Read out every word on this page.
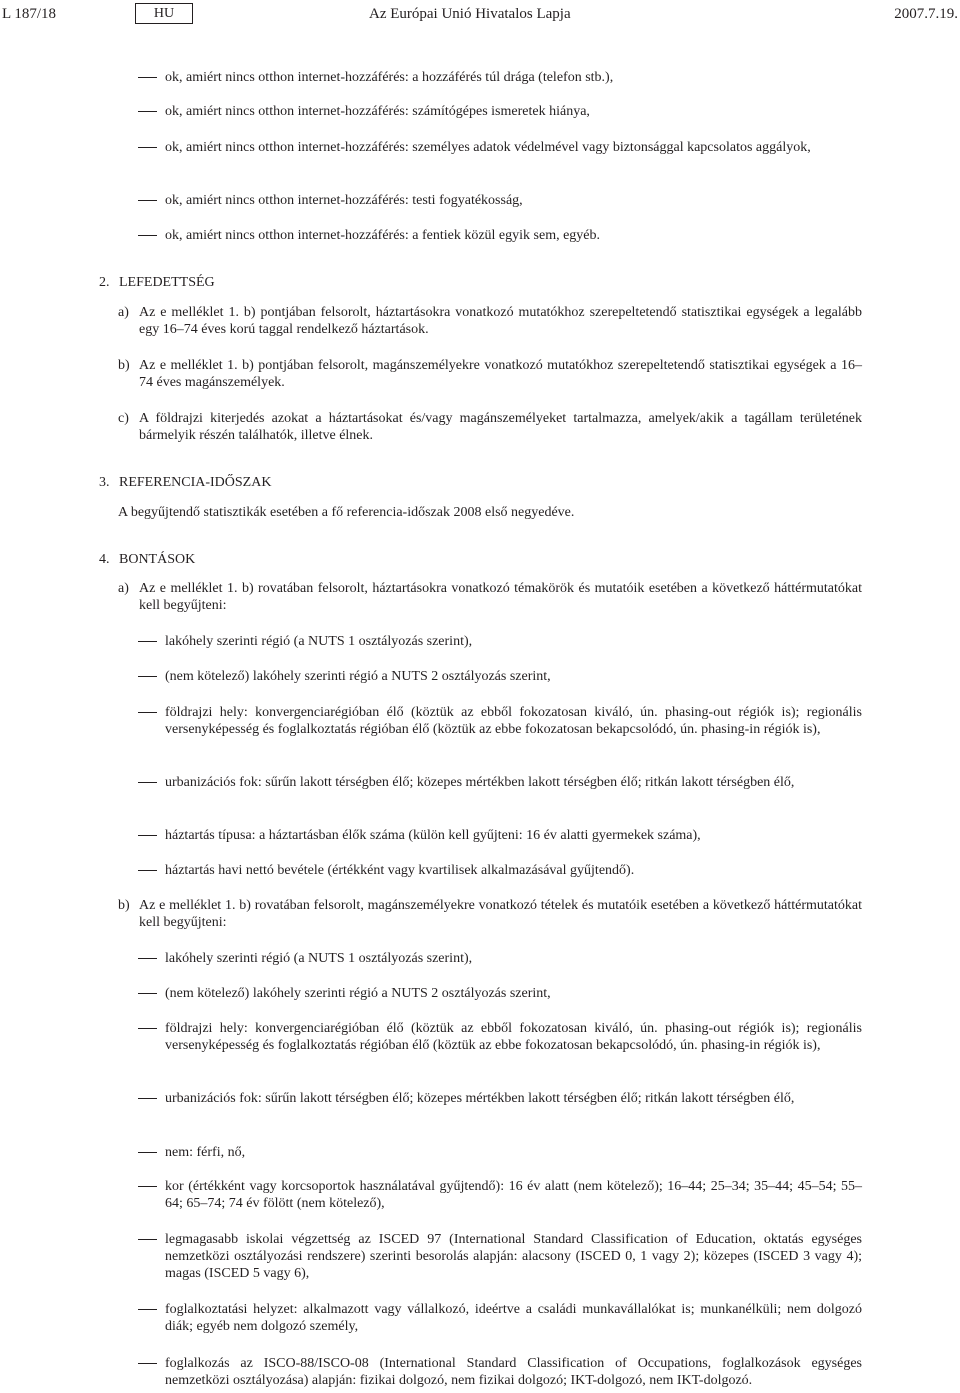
L 187/18	HU	Az Európai Unió Hivatalos Lapja	2007.7.19.
ok, amiért nincs otthon internet-hozzáférés: a hozzáférés túl drága (telefon stb.),
ok, amiért nincs otthon internet-hozzáférés: számítógépes ismeretek hiánya,
ok, amiért nincs otthon internet-hozzáférés: személyes adatok védelmével vagy biztonsággal kapcsolatos aggályok,
ok, amiért nincs otthon internet-hozzáférés: testi fogyatékosság,
ok, amiért nincs otthon internet-hozzáférés: a fentiek közül egyik sem, egyéb.
2. LEFEDETTSÉG
a) Az e melléklet 1. b) pontjában felsorolt, háztartásokra vonatkozó mutatókhoz szerepeltetendő statisztikai egységek a legalább egy 16–74 éves korú taggal rendelkező háztartások.
b) Az e melléklet 1. b) pontjában felsorolt, magánszemélyekre vonatkozó mutatókhoz szerepeltetendő statisztikai egységek a 16–74 éves magánszemélyek.
c) A földrajzi kiterjedés azokat a háztartásokat és/vagy magánszemélyeket tartalmazza, amelyek/akik a tagállam területének bármelyik részén találhatók, illetve élnek.
3. REFERENCIA-IDŐSZAK
A begyűjtendő statisztikák esetében a fő referencia-időszak 2008 első negyedéve.
4. BONTÁSOK
a) Az e melléklet 1. b) rovatában felsorolt, háztartásokra vonatkozó témakörök és mutatóik esetében a következő háttérmutatókat kell begyűjteni:
lakóhely szerinti régió (a NUTS 1 osztályozás szerint),
(nem kötelező) lakóhely szerinti régió a NUTS 2 osztályozás szerint,
földrajzi hely: konvergenciarégióban élő (köztük az ebből fokozatosan kiváló, ún. phasing-out régiók is); regionális versenyképesség és foglalkoztatás régióban élő (köztük az ebbe fokozatosan bekapcsolódó, ún. phasing-in régiók is),
urbanizációs fok: sűrűn lakott térségben élő; közepes mértékben lakott térségben élő; ritkán lakott térségben élő,
háztartás típusa: a háztartásban élők száma (külön kell gyűjteni: 16 év alatti gyermekek száma),
háztartás havi nettó bevétele (értékként vagy kvartilisek alkalmazásával gyűjtendő).
b) Az e melléklet 1. b) rovatában felsorolt, magánszemélyekre vonatkozó tételek és mutatóik esetében a következő háttérmutatókat kell begyűjteni:
lakóhely szerinti régió (a NUTS 1 osztályozás szerint),
(nem kötelező) lakóhely szerinti régió a NUTS 2 osztályozás szerint,
földrajzi hely: konvergenciarégióban élő (köztük az ebből fokozatosan kiváló, ún. phasing-out régiók is); regionális versenyképesség és foglalkoztatás régióban élő (köztük az ebbe fokozatosan bekapcsolódó, ún. phasing-in régiók is),
urbanizációs fok: sűrűn lakott térségben élő; közepes mértékben lakott térségben élő; ritkán lakott térségben élő,
nem: férfi, nő,
kor (értékként vagy korcsoportok használatával gyűjtendő): 16 év alatt (nem kötelező); 16–44; 25–34; 35–44; 45–54; 55–64; 65–74; 74 év fölött (nem kötelező),
legmagasabb iskolai végzettség az ISCED 97 (International Standard Classification of Education, oktatás egységes nemzetközi osztályozási rendszere) szerinti besorolás alapján: alacsony (ISCED 0, 1 vagy 2); közepes (ISCED 3 vagy 4); magas (ISCED 5 vagy 6),
foglalkoztatási helyzet: alkalmazott vagy vállalkozó, ideértve a családi munkavállalókat is; munkanélküli; nem dolgozó diák; egyéb nem dolgozó személy,
foglalkozás az ISCO-88/ISCO-08 (International Standard Classification of Occupations, foglalkozások egységes nemzetközi osztályozása) alapján: fizikai dolgozó, nem fizikai dolgozó; IKT-dolgozó, nem IKT-dolgozó.
